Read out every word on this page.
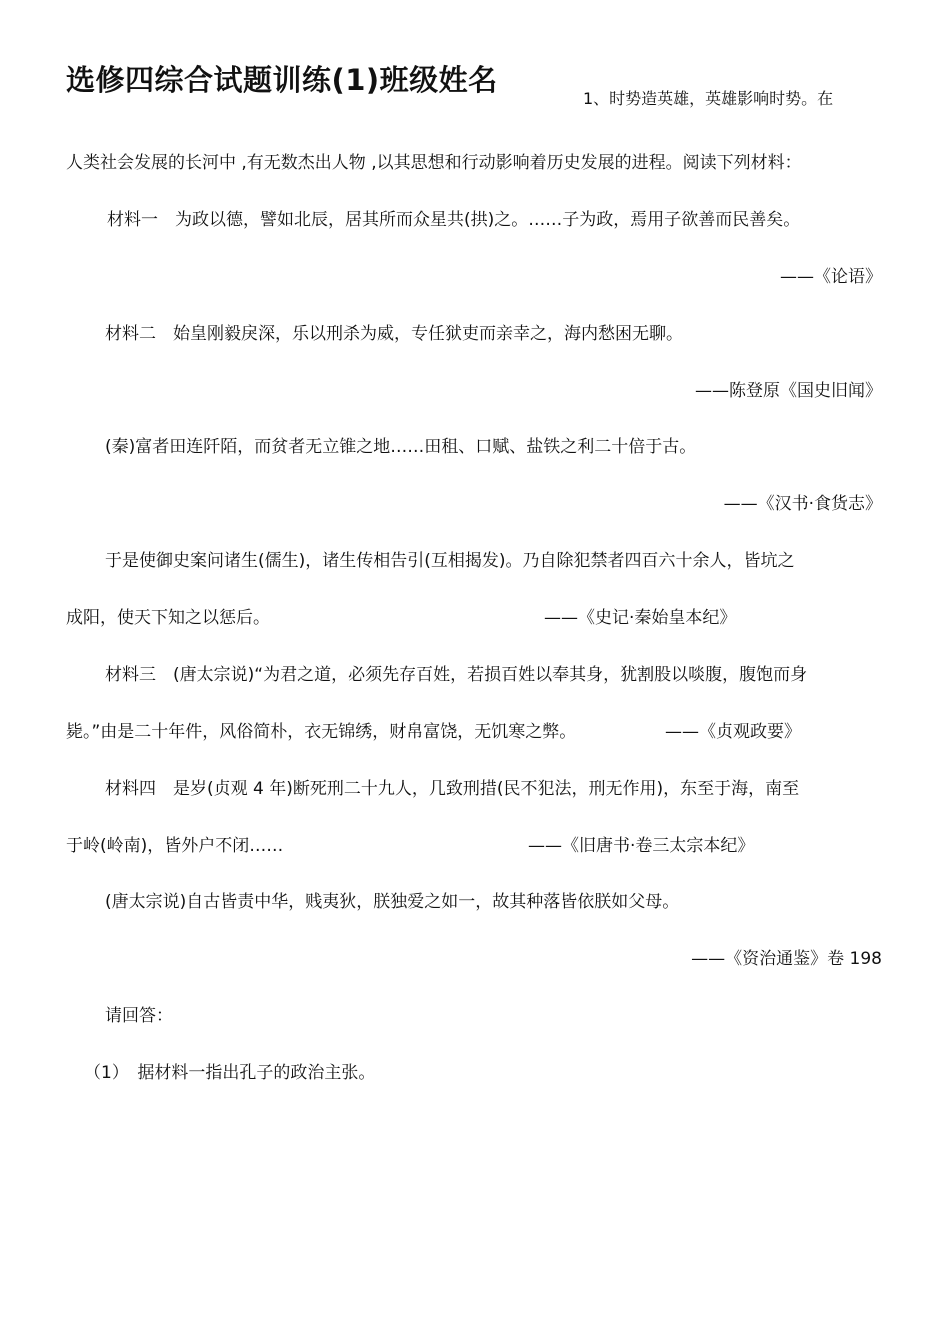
选修四综合试题训练(1)班级姓名
1、时势造英雄，英雄影响时势。在
人类社会发展的长河中 ,有无数杰出人物 ,以其思想和行动影响着历史发展的进程。阅读下列材料：
材料一　为政以德，譬如北辰，居其所而众星共(拱)之。……子为政，焉用子欲善而民善矣。
——《论语》
材料二　始皇刚毅戾深，乐以刑杀为威，专任狱吏而亲幸之，海内愁困无聊。
——陈登原《国史旧闻》
(秦)富者田连阡陌，而贫者无立锥之地……田租、口赋、盐铁之利二十倍于古。
——《汉书·食货志》
于是使御史案问诸生(儒生)，诸生传相告引(互相揭发)。乃自除犯禁者四百六十余人，皆坑之
成阳，使天下知之以惩后。	——《史记·秦始皇本纪》
材料三　(唐太宗说)“为君之道，必须先存百姓，若损百姓以奉其身，犹割股以啖腹，腹饱而身
毙。”由是二十年件，风俗简朴，衣无锦绣，财帛富饶，无饥寒之弊。	——《贞观政要》
材料四　是岁(贞观 4 年)断死刑二十九人，几致刑措(民不犯法，刑无作用)，东至于海，南至
于岭(岭南)，皆外户不闭……	——《旧唐书·卷三太宗本纪》
(唐太宗说)自古皆责中华，贱夷狄，朕独爱之如一，故其种落皆依朕如父母。
——《资治通鉴》卷 198
请回答：
（1）　据材料一指出孔子的政治主张。
